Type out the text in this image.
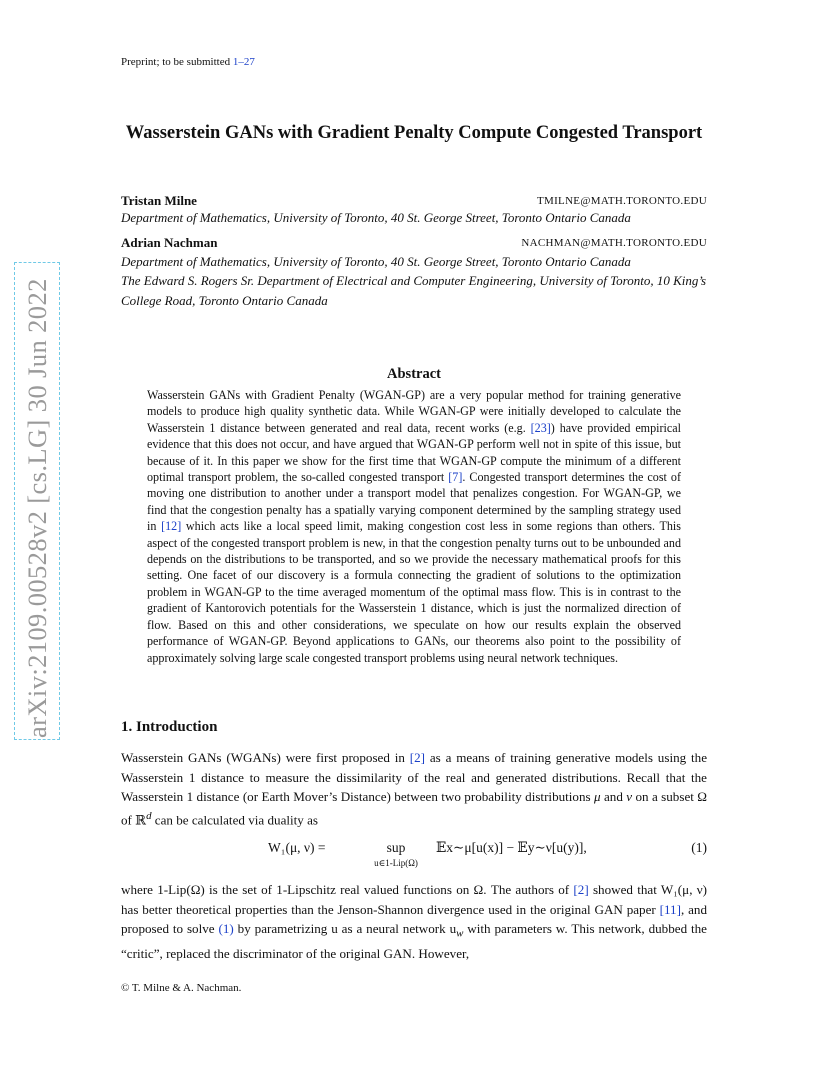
arXiv:2109.00528v2 [cs.LG] 30 Jun 2022
Preprint; to be submitted 1–27
Wasserstein GANs with Gradient Penalty Compute Congested Transport
Tristan Milne	TMILNE@MATH.TORONTO.EDU
Department of Mathematics, University of Toronto, 40 St. George Street, Toronto Ontario Canada
Adrian Nachman	NACHMAN@MATH.TORONTO.EDU
Department of Mathematics, University of Toronto, 40 St. George Street, Toronto Ontario Canada
The Edward S. Rogers Sr. Department of Electrical and Computer Engineering, University of Toronto, 10 King’s College Road, Toronto Ontario Canada
Abstract
Wasserstein GANs with Gradient Penalty (WGAN-GP) are a very popular method for training generative models to produce high quality synthetic data. While WGAN-GP were initially developed to calculate the Wasserstein 1 distance between generated and real data, recent works (e.g. [23]) have provided empirical evidence that this does not occur, and have argued that WGAN-GP perform well not in spite of this issue, but because of it. In this paper we show for the first time that WGAN-GP compute the minimum of a different optimal transport problem, the so-called congested transport [7]. Congested transport determines the cost of moving one distribution to another under a transport model that penalizes congestion. For WGAN-GP, we find that the congestion penalty has a spatially varying component determined by the sampling strategy used in [12] which acts like a local speed limit, making congestion cost less in some regions than others. This aspect of the congested transport problem is new, in that the congestion penalty turns out to be unbounded and depends on the distributions to be transported, and so we provide the necessary mathematical proofs for this setting. One facet of our discovery is a formula connecting the gradient of solutions to the optimization problem in WGAN-GP to the time averaged momentum of the optimal mass flow. This is in contrast to the gradient of Kantorovich potentials for the Wasserstein 1 distance, which is just the normalized direction of flow. Based on this and other considerations, we speculate on how our results explain the observed performance of WGAN-GP. Beyond applications to GANs, our theorems also point to the possibility of approximately solving large scale congested transport problems using neural network techniques.
1. Introduction
Wasserstein GANs (WGANs) were first proposed in [2] as a means of training generative models using the Wasserstein 1 distance to measure the dissimilarity of the real and generated distributions. Recall that the Wasserstein 1 distance (or Earth Mover’s Distance) between two probability distributions μ and ν on a subset Ω of ℝ$^d$ can be calculated via duality as
W₁(μ, ν) =	sup
u∈1-Lip(Ω)
𝔼x∼μ[u(x)] − 𝔼y∼ν[u(y)],	(1)
where 1-Lip(Ω) is the set of 1-Lipschitz real valued functions on Ω. The authors of [2] showed that W₁(μ, ν) has better theoretical properties than the Jenson-Shannon divergence used in the original GAN paper [11], and proposed to solve (1) by parametrizing u as a neural network $u_w$ with parameters w. This network, dubbed the “critic”, replaced the discriminator of the original GAN. However,
© T. Milne & A. Nachman.
